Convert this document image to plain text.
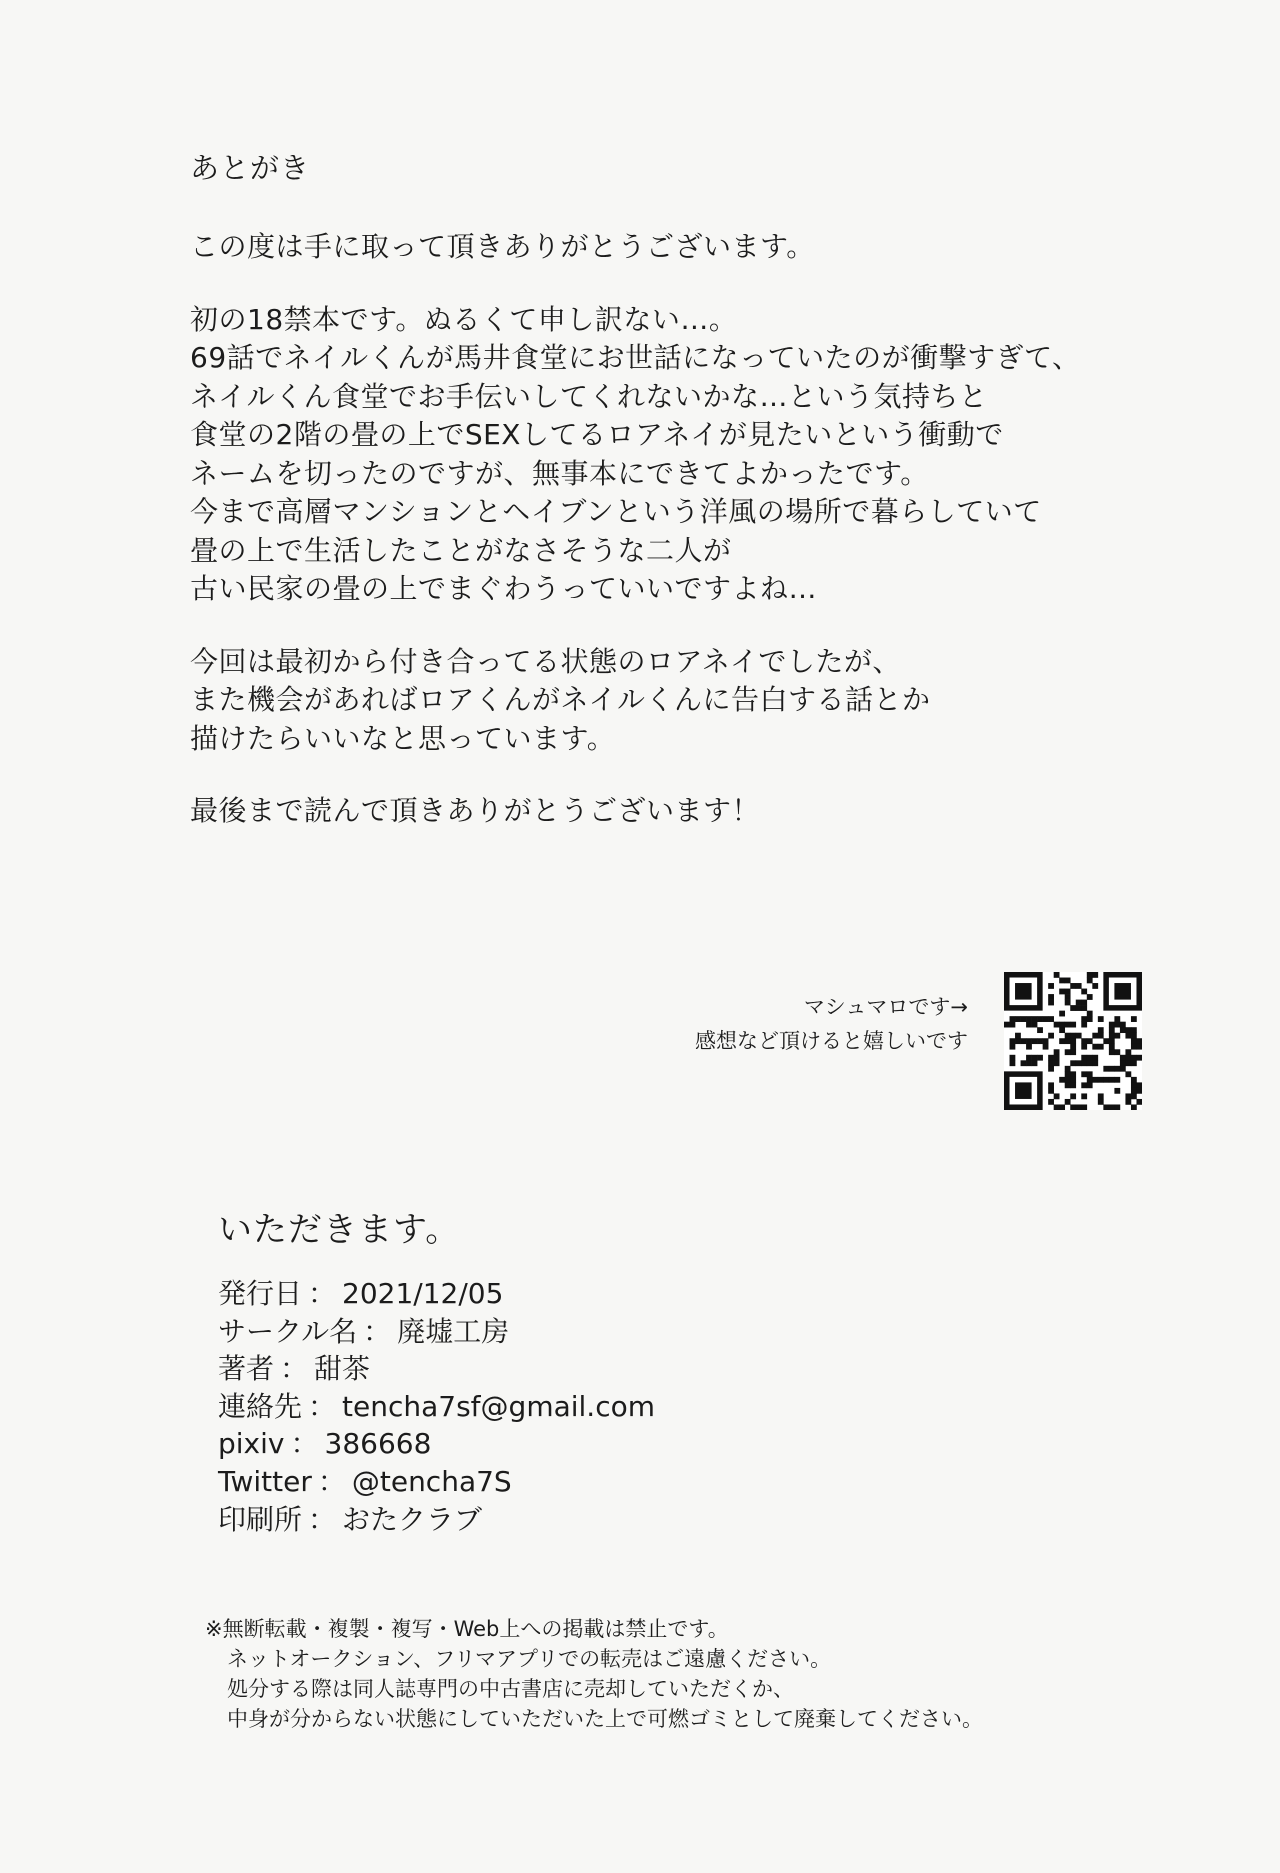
あとがき
この度は手に取って頂きありがとうございます。
初の18禁本です。ぬるくて申し訳ない…。
69話でネイルくんが馬井食堂にお世話になっていたのが衝撃すぎて、
ネイルくん食堂でお手伝いしてくれないかな…という気持ちと
食堂の2階の畳の上でSEXしてるロアネイが見たいという衝動で
ネームを切ったのですが、無事本にできてよかったです。
今まで高層マンションとヘイブンという洋風の場所で暮らしていて
畳の上で生活したことがなさそうな二人が
古い民家の畳の上でまぐわうっていいですよね…
今回は最初から付き合ってる状態のロアネイでしたが、
また機会があればロアくんがネイルくんに告白する話とか
描けたらいいなと思っています。
最後まで読んで頂きありがとうございます！
マシュマロです→
感想など頂けると嬉しいです
いただきます。
発行日 ： 2021/12/05
サークル名 ： 廃墟工房
著者 ： 甜茶
連絡先 ： tencha7sf@gmail.com
pixiv ： 386668
Twitter ： @tencha7S
印刷所 ： おたクラブ
※無断転載・複製・複写・Web上への掲載は禁止です。
ネットオークション、フリマアプリでの転売はご遠慮ください。
処分する際は同人誌専門の中古書店に売却していただくか、
中身が分からない状態にしていただいた上で可燃ゴミとして廃棄してください。
